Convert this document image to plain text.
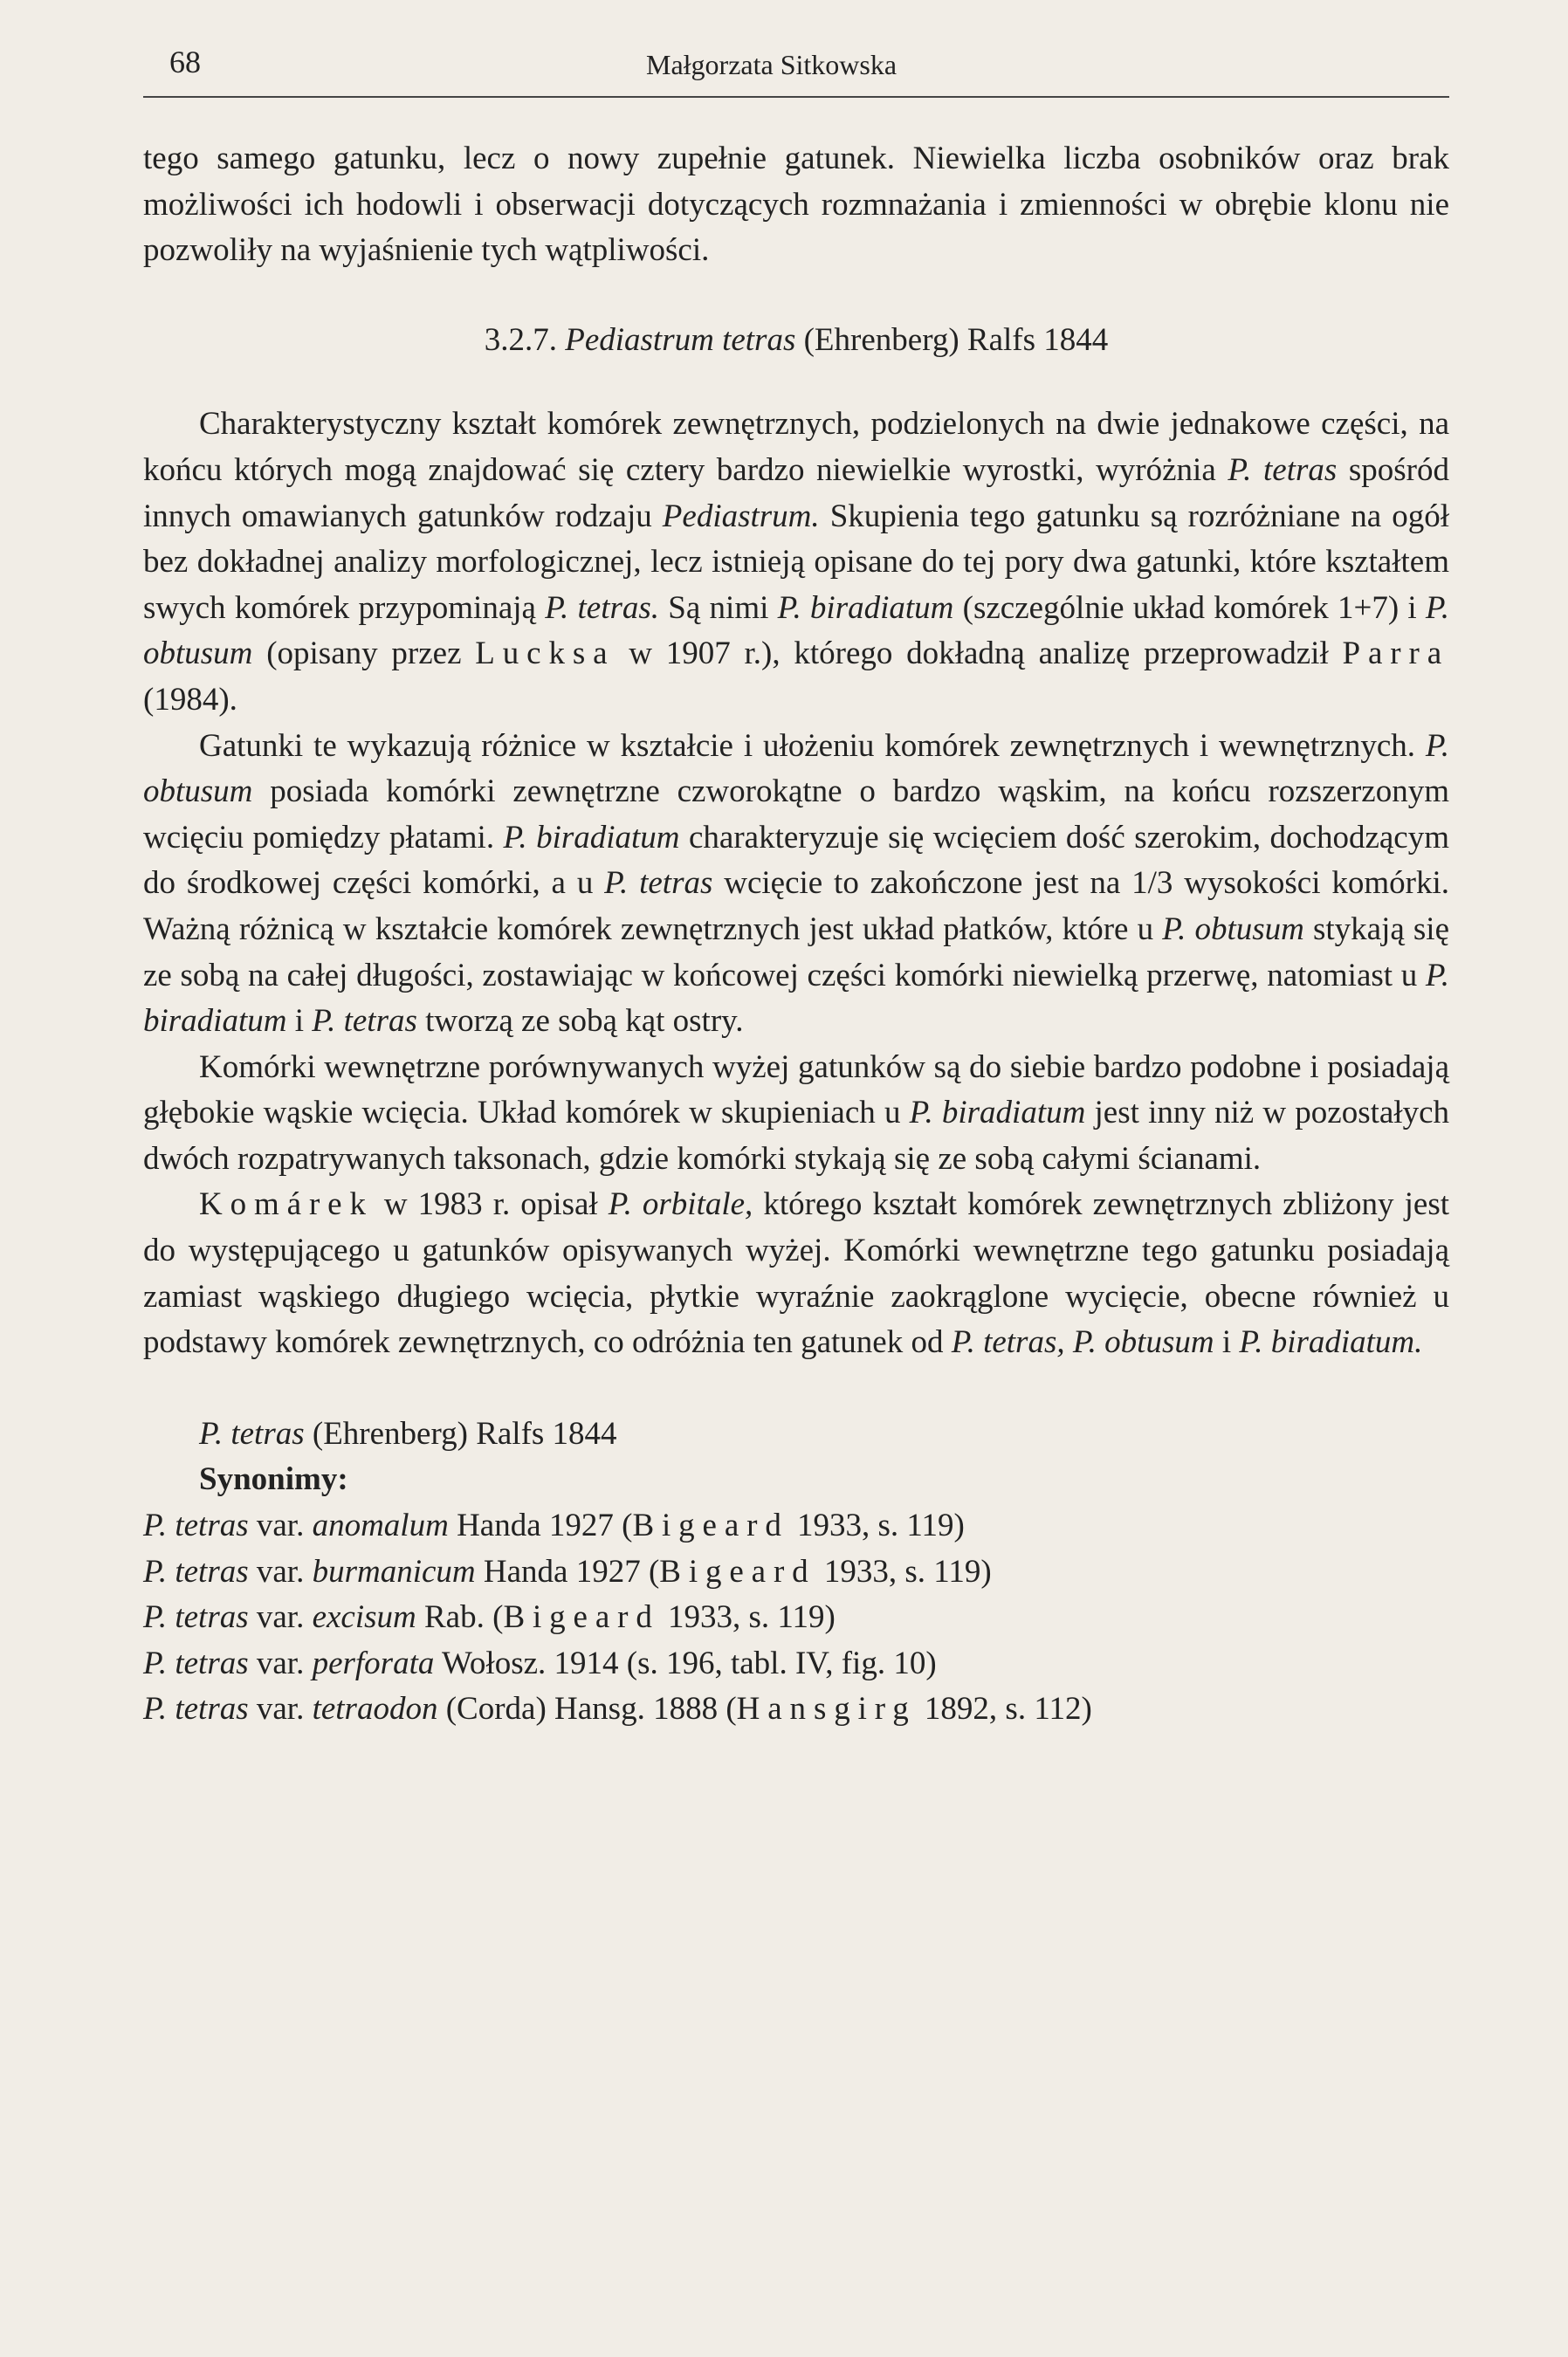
68	Małgorzata Sitkowska

tego samego gatunku, lecz o nowy zupełnie gatunek. Niewielka liczba osobników oraz brak możliwości ich hodowli i obserwacji dotyczących rozmnażania i zmienności w obrębie klonu nie pozwoliły na wyjaśnienie tych wątpliwości.

3.2.7. Pediastrum tetras (Ehrenberg) Ralfs 1844

Charakterystyczny kształt komórek zewnętrznych, podzielonych na dwie jednakowe części, na końcu których mogą znajdować się cztery bardzo niewielkie wyrostki, wyróżnia P. tetras spośród innych omawianych gatunków rodzaju Pediastrum. Skupienia tego gatunku są rozróżniane na ogół bez dokładnej analizy morfologicznej, lecz istnieją opisane do tej pory dwa gatunki, które kształtem swych komórek przypominają P. tetras. Są nimi P. biradiatum (szczególnie układ komórek 1+7) i P. obtusum (opisany przez Lucksa w 1907 r.), którego dokładną analizę przeprowadził Parra (1984).

Gatunki te wykazują różnice w kształcie i ułożeniu komórek zewnętrznych i wewnętrznych. P. obtusum posiada komórki zewnętrzne czworokątne o bardzo wąskim, na końcu rozszerzonym wcięciu pomiędzy płatami. P. biradiatum charakteryzuje się wcięciem dość szerokim, dochodzącym do środkowej części komórki, a u P. tetras wcięcie to zakończone jest na 1/3 wysokości komórki. Ważną różnicą w kształcie komórek zewnętrznych jest układ płatków, które u P. obtusum stykają się ze sobą na całej długości, zostawiając w końcowej części komórki niewielką przerwę, natomiast u P. biradiatum i P. tetras tworzą ze sobą kąt ostry.

Komórki wewnętrzne porównywanych wyżej gatunków są do siebie bardzo podobne i posiadają głębokie wąskie wcięcia. Układ komórek w skupieniach u P. biradiatum jest inny niż w pozostałych dwóch rozpatrywanych taksonach, gdzie komórki stykają się ze sobą całymi ścianami.

Komárek w 1983 r. opisał P. orbitale, którego kształt komórek zewnętrznych zbliżony jest do występującego u gatunków opisywanych wyżej. Komórki wewnętrzne tego gatunku posiadają zamiast wąskiego długiego wcięcia, płytkie wyraźnie zaokrąglone wycięcie, obecne również u podstawy komórek zewnętrznych, co odróżnia ten gatunek od P. tetras, P. obtusum i P. biradiatum.

P. tetras (Ehrenberg) Ralfs 1844

Synonimy:

P. tetras var. anomalum Handa 1927 (Bigeard 1933, s. 119)

P. tetras var. burmanicum Handa 1927 (Bigeard 1933, s. 119)

P. tetras var. excisum Rab. (Bigeard 1933, s. 119)

P. tetras var. perforata Wołosz. 1914 (s. 196, tabl. IV, fig. 10)

P. tetras var. tetraodon (Corda) Hansg. 1888 (Hansgirg 1892, s. 112)
